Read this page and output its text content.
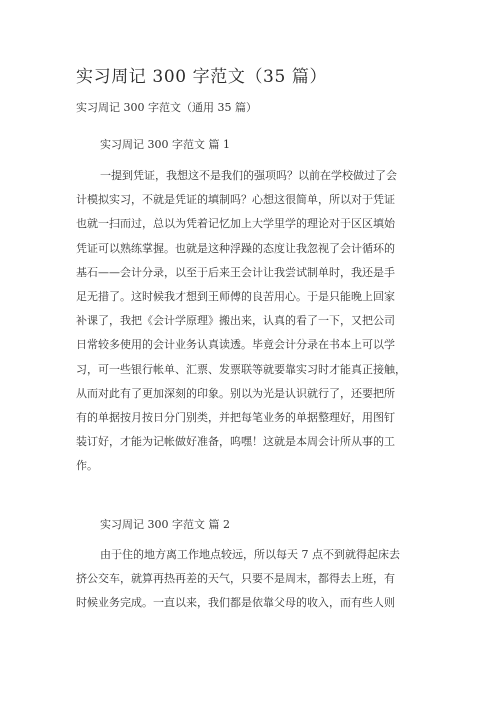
实习周记 300 字范文（35 篇）
实习周记 300 字范文（通用 35 篇）
实习周记 300 字范文 篇 1
一提到凭证，我想这不是我们的强项吗？以前在学校做过了会
计模拟实习，不就是凭证的填制吗？心想这很简单，所以对于凭证
也就一扫而过，总以为凭着记忆加上大学里学的理论对于区区填始
凭证可以熟练掌握。也就是这种浮躁的态度让我忽视了会计循环的
基石——会计分录，以至于后来王会计让我尝试制单时，我还是手
足无措了。这时候我才想到王师傅的良苦用心。于是只能晚上回家
补课了，我把《会计学原理》搬出来，认真的看了一下，又把公司
日常较多使用的会计业务认真读透。毕竟会计分录在书本上可以学
习，可一些银行帐单、汇票、发票联等就要靠实习时才能真正接触，
从而对此有了更加深刻的印象。别以为光是认识就行了，还要把所
有的单据按月按日分门别类，并把每笔业务的单据整理好，用图钉
装订好，才能为记帐做好准备，呜嘿！这就是本周会计所从事的工
作。
实习周记 300 字范文 篇 2
由于住的地方离工作地点较远，所以每天 7 点不到就得起床去
挤公交车，就算再热再差的天气，只要不是周末，都得去上班，有
时候业务完成。一直以来，我们都是依靠父母的收入，而有些人则
